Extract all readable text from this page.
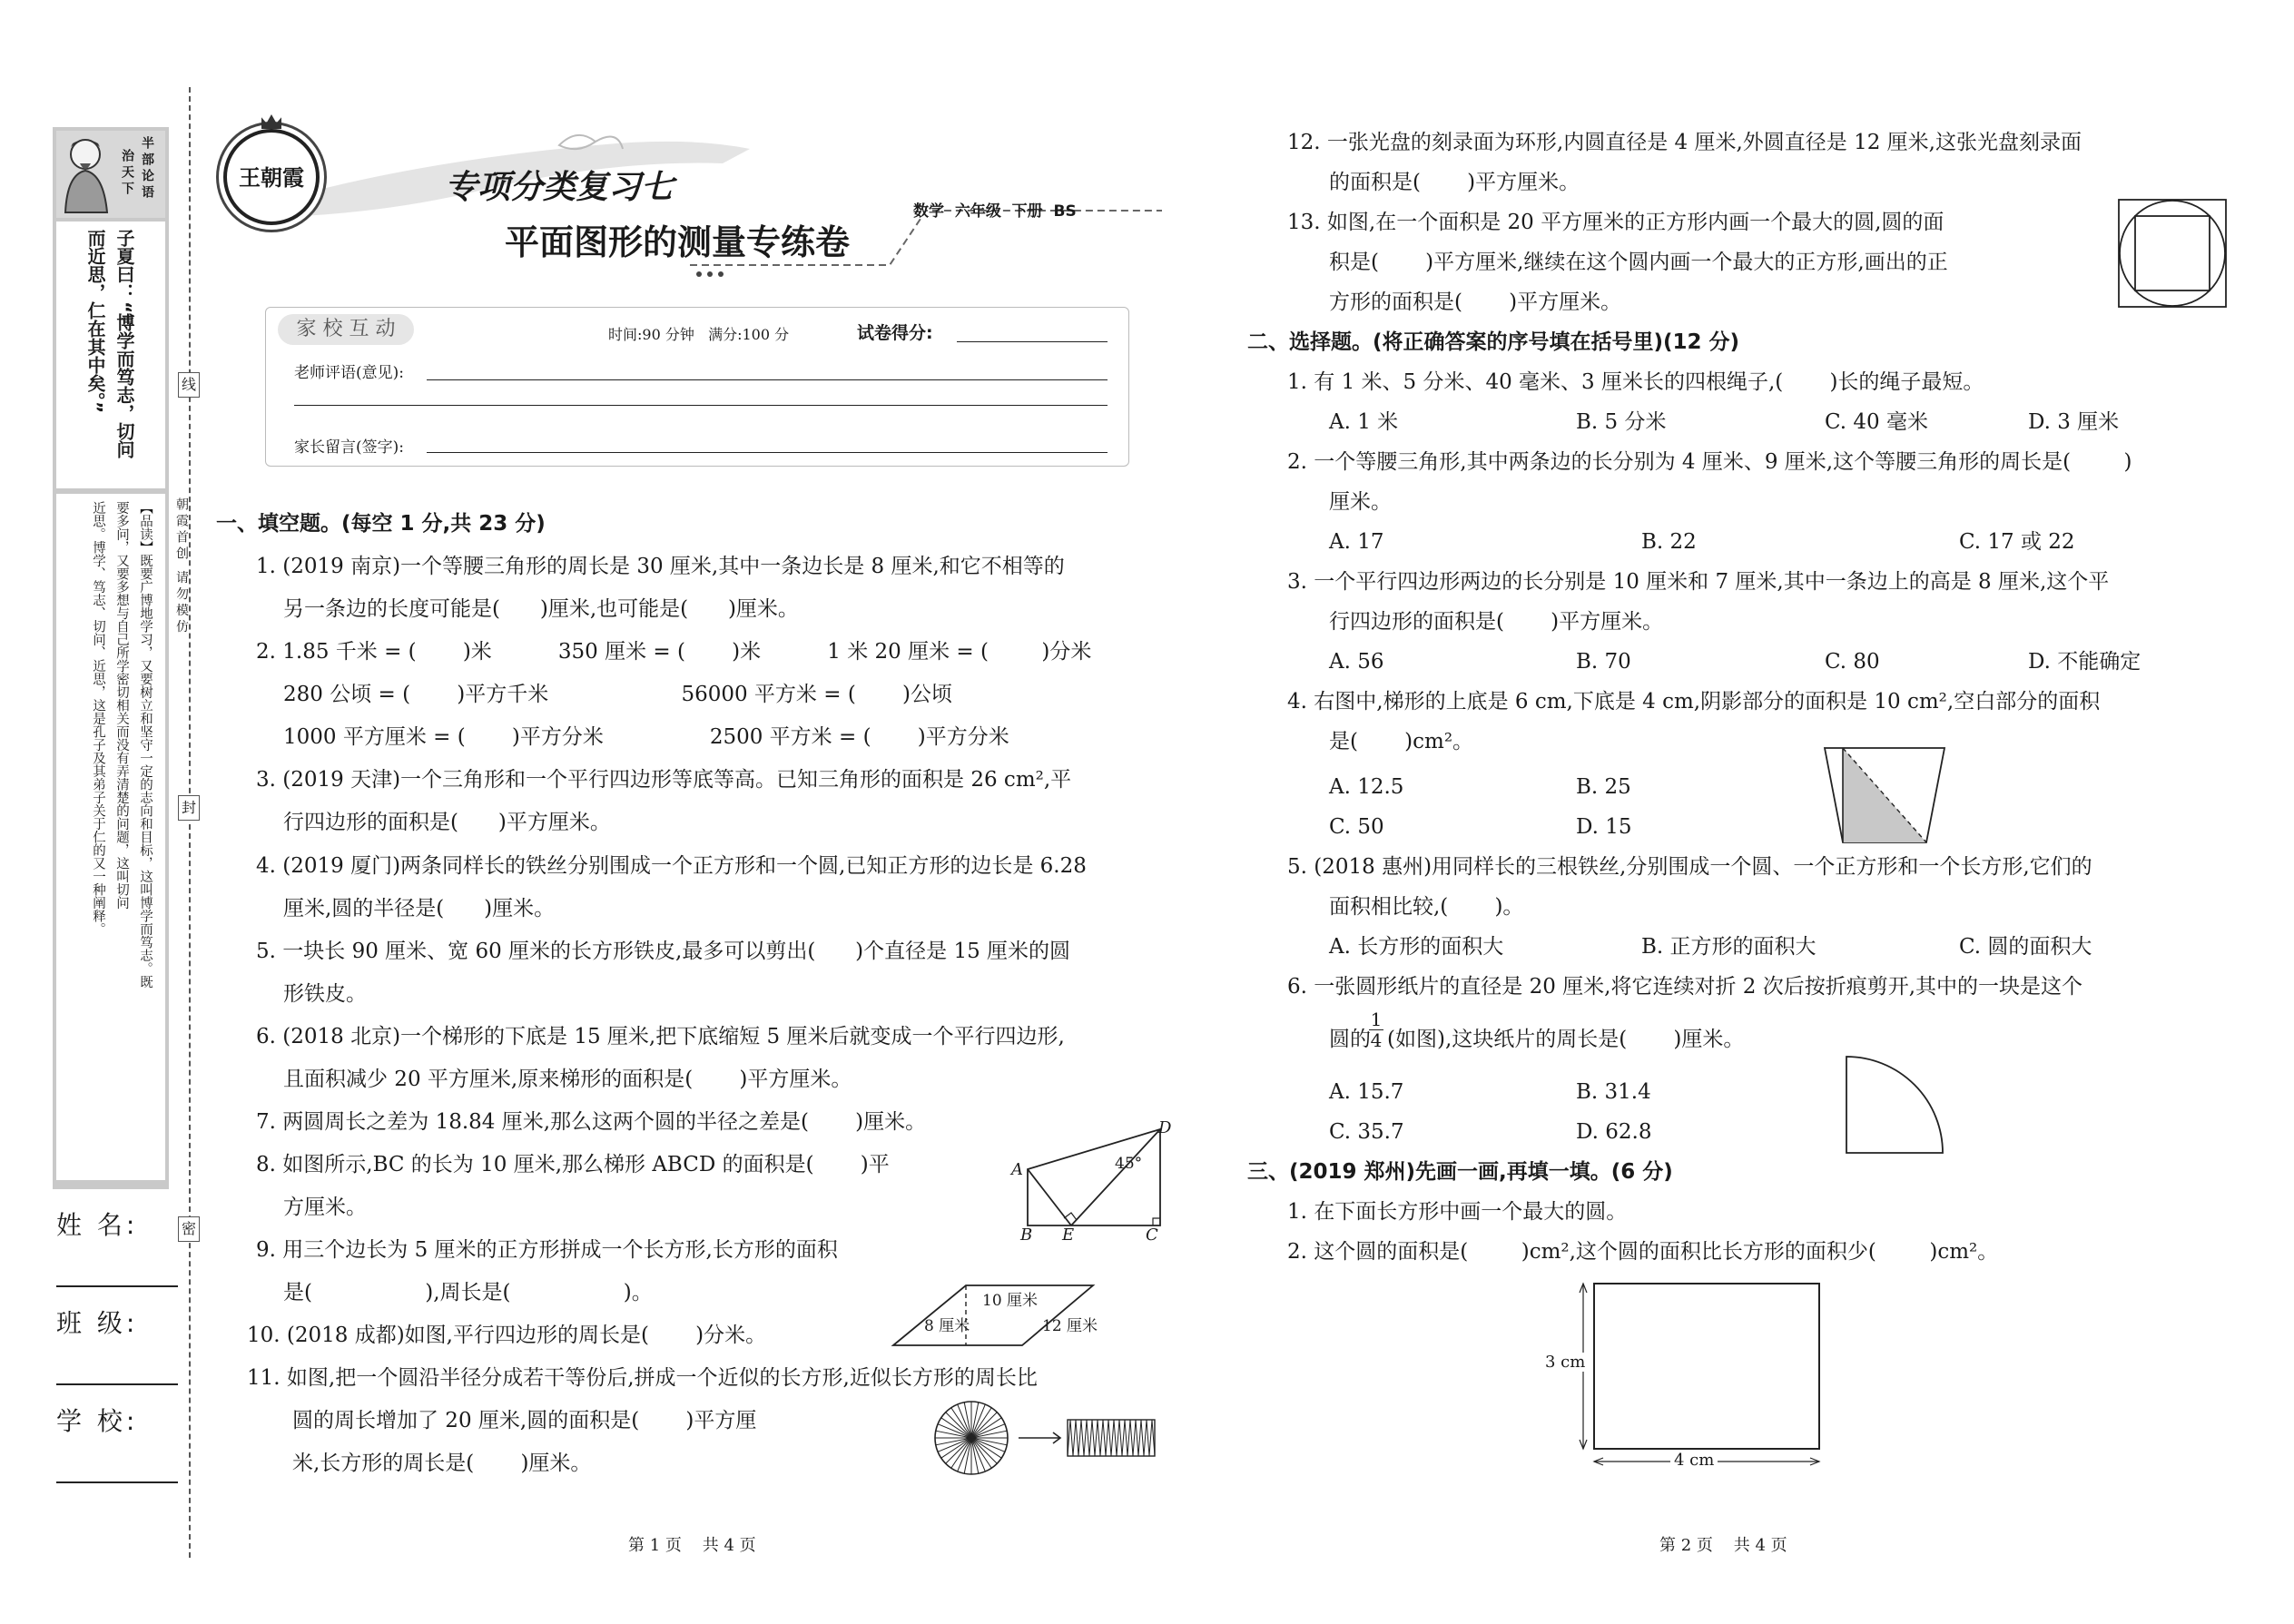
半部论语
治天下
子夏曰：“博学而笃志，切问
而近思，仁在其中矣。”
【品读】既要广博地学习，又要树立和坚守一定的志向和目标，这叫博学而笃志。既
要多问，又要多想与自己所学密切相关而没有弄清楚的问题，这叫切问
近思。博学、笃志、切问、近思，这是孔子及其弟子关于仁的又一种阐释。
姓 名:
班 级:
学 校:
线
封
密
朝霞首创 请勿模仿
王朝霞	专项分类复习七
平面图形的测量专练卷
数学  六年级  下册  BS
家 校 互 动	时间:90 分钟   满分:100 分	试卷得分:
老师评语(意见):
家长留言(签字):
一、填空题。(每空 1 分,共 23 分)
1. (2019 南京)一个等腰三角形的周长是 30 厘米,其中一条边长是 8 厘米,和它不相等的
另一条边的长度可能是(      )厘米,也可能是(      )厘米。
2. 1.85 千米 = (       )米          350 厘米 = (       )米          1 米 20 厘米 = (        )分米
280 公顷 = (       )平方千米                    56000 平方米 = (       )公顷
1000 平方厘米 = (       )平方分米                2500 平方米 = (       )平方分米
3. (2019 天津)一个三角形和一个平行四边形等底等高。已知三角形的面积是 26 cm²,平
行四边形的面积是(      )平方厘米。
4. (2019 厦门)两条同样长的铁丝分别围成一个正方形和一个圆,已知正方形的边长是 6.28
厘米,圆的半径是(      )厘米。
5. 一块长 90 厘米、宽 60 厘米的长方形铁皮,最多可以剪出(      )个直径是 15 厘米的圆
形铁皮。
6. (2018 北京)一个梯形的下底是 15 厘米,把下底缩短 5 厘米后就变成一个平行四边形,
且面积减少 20 平方厘米,原来梯形的面积是(       )平方厘米。
7. 两圆周长之差为 18.84 厘米,那么这两个圆的半径之差是(       )厘米。
8. 如图所示,BC 的长为 10 厘米,那么梯形 ABCD 的面积是(       )平
方厘米。
9. 用三个边长为 5 厘米的正方形拼成一个长方形,长方形的面积
是(                 ),周长是(                 )。
10. (2018 成都)如图,平行四边形的周长是(       )分米。
11. 如图,把一个圆沿半径分成若干等份后,拼成一个近似的长方形,近似长方形的周长比
圆的周长增加了 20 厘米,圆的面积是(       )平方厘
米,长方形的周长是(       )厘米。
A
B E	C
D
45°
10 厘米
8 厘米	12 厘米
第 1 页    共 4 页
12. 一张光盘的刻录面为环形,内圆直径是 4 厘米,外圆直径是 12 厘米,这张光盘刻录面
的面积是(       )平方厘米。
13. 如图,在一个面积是 20 平方厘米的正方形内画一个最大的圆,圆的面
积是(       )平方厘米,继续在这个圆内画一个最大的正方形,画出的正
方形的面积是(       )平方厘米。
二、选择题。(将正确答案的序号填在括号里)(12 分)
1. 有 1 米、5 分米、40 毫米、3 厘米长的四根绳子,(       )长的绳子最短。
A. 1 米	B. 5 分米	C. 40 毫米	D. 3 厘米
2. 一个等腰三角形,其中两条边的长分别为 4 厘米、9 厘米,这个等腰三角形的周长是(        )
厘米。
A. 17	B. 22	C. 17 或 22
3. 一个平行四边形两边的长分别是 10 厘米和 7 厘米,其中一条边上的高是 8 厘米,这个平
行四边形的面积是(       )平方厘米。
A. 56	B. 70	C. 80	D. 不能确定
4. 右图中,梯形的上底是 6 cm,下底是 4 cm,阴影部分的面积是 10 cm²,空白部分的面积
是(       )cm²。
A. 12.5	B. 25
C. 50	D. 15
5. (2018 惠州)用同样长的三根铁丝,分别围成一个圆、一个正方形和一个长方形,它们的
面积相比较,(       )。
A. 长方形的面积大	B. 正方形的面积大	C. 圆的面积大
6. 一张圆形纸片的直径是 20 厘米,将它连续对折 2 次后按折痕剪开,其中的一块是这个
圆的
$\frac{1}{4}$ (如图),这块纸片的周长是(       )厘米。
A. 15.7	B. 31.4
C. 35.7	D. 62.8
三、(2019 郑州)先画一画,再填一填。(6 分)
1. 在下面长方形中画一个最大的圆。
2. 这个圆的面积是(        )cm²,这个圆的面积比长方形的面积少(        )cm²。
3 cm
4 cm
第 2 页    共 4 页
